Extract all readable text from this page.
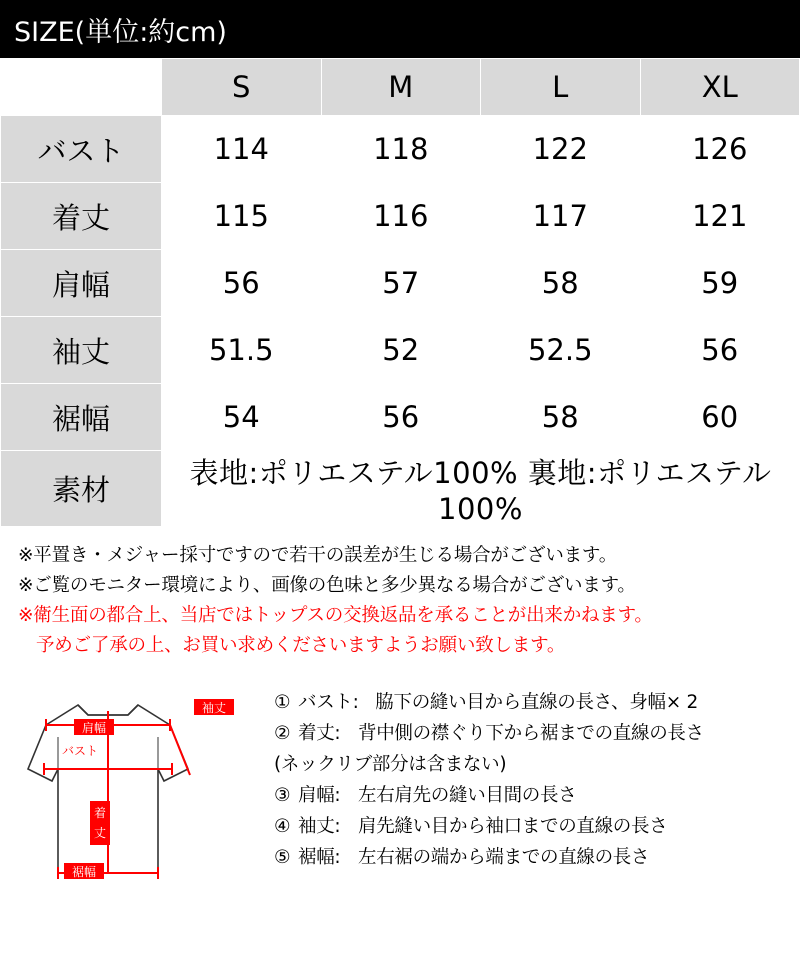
SIZE(単位:約cm)
	S	M	L	XL
バスト	114	118	122	126
着丈	115	116	117	121
肩幅	56	57	58	59
袖丈	51.5	52	52.5	56
裾幅	54	56	58	60
素材	表地:ポリエステル100% 裏地:ポリエステル100%			
※平置き・メジャー採寸ですので若干の誤差が生じる場合がございます。
※ご覧のモニター環境により、画像の色味と多少異なる場合がございます。
※衛生面の都合上、当店ではトップスの交換返品を承ることが出来かねます。
予めご了承の上、お買い求めくださいますようお願い致します。
袖丈
肩幅
バスト
着
丈
裾幅
① バスト: 脇下の縫い目から直線の長さ、身幅× 2
② 着丈: 背中側の襟ぐり下から裾までの直線の長さ
(ネックリブ部分は含まない)
③ 肩幅: 左右肩先の縫い目間の長さ
④ 袖丈: 肩先縫い目から袖口までの直線の長さ
⑤ 裾幅: 左右裾の端から端までの直線の長さ
